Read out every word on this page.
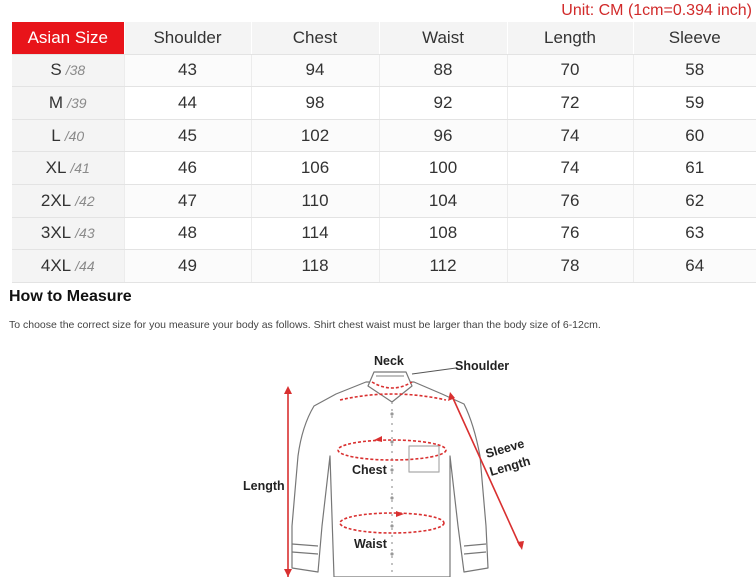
Unit: CM (1cm=0.394 inch)
Asian Size	Shoulder	Chest	Waist	Length	Sleeve
S /38	43	94	88	70	58
M /39	44	98	92	72	59
L /40	45	102	96	74	60
XL /41	46	106	100	74	61
2XL /42	47	110	104	76	62
3XL /43	48	114	108	76	63
4XL /44	49	118	112	78	64
How to Measure
To choose the correct size for you measure your body as follows. Shirt chest waist must be larger than the body size of 6-12cm.
Neck	Shoulder
Sleeve
Length
Length
Chest
Waist
